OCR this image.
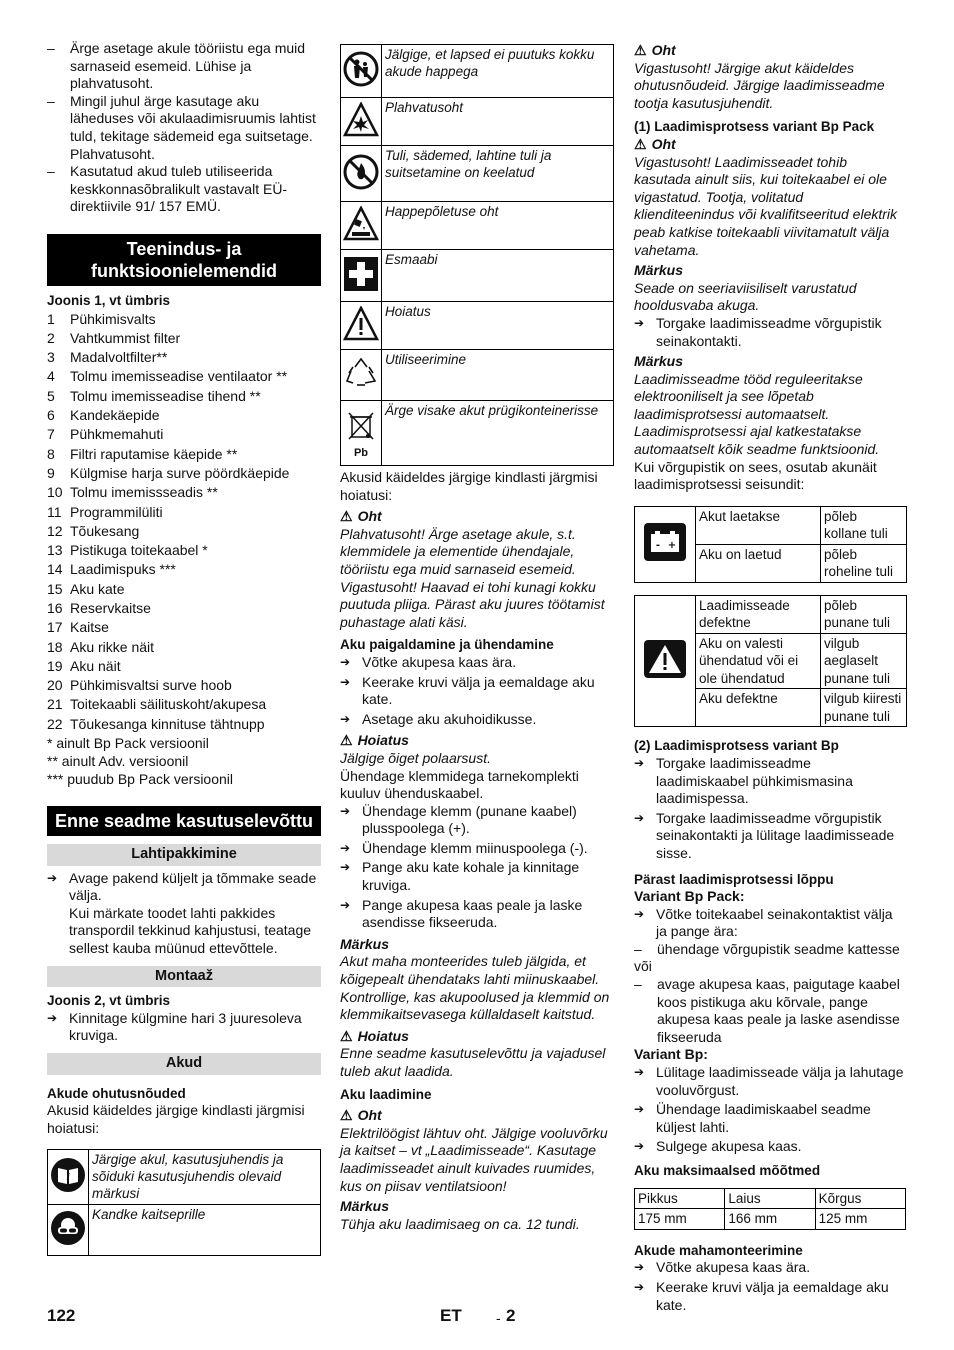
–	Ärge asetage akule tööriistu ega muid sarnaseid esemeid. Lühise ja plahvatusoht.
–	Mingil juhul ärge kasutage aku läheduses või akulaadimisruumis lahtist tuld, tekitage sädemeid ega suitsetage. Plahvatusoht.
–	Kasutatud akud tuleb utiliseerida keskkonnasõbralikult vastavalt EÜ-direktiivile 91/ 157 EMÜ.
Teenindus- ja funktsioonielemendid

Joonis 1, vt ümbris

1	Pühkimisvalts
2	Vahtkummist filter
3	Madalvoltfilter**
4	Tolmu imemisseadise ventilaator **
5	Tolmu imemisseadise tihend **
6	Kandekäepide
7	Pühkmemahuti
8	Filtri raputamise käepide **
9	Külgmise harja surve pöördkäepide
10 Tolmu imemissseadis **
11 Programmilüliti
12 Tõukesang
13 Pistikuga toitekaabel *
14 Laadimispuks ***
15 Aku kate
16 Reservkaitse
17 Kaitse
18 Aku rikke näit
19 Aku näit
20 Pühkimisvaltsi surve hoob
21 Toitekaabli säilituskoht/akupesa
22 Tõukesanga kinnituse tähtnupp

* ainult Bp Pack versioonil

** ainult Adv. versioonil

*** puudub Bp Pack versioonil

Enne seadme kasutuselevõttu
Lahtipakkimine
➔ Avage pakend küljelt ja tõmmake seade välja.

Kui märkate toodet lahti pakkides transpordil tekkinud kahjustusi, teatage sellest kauba müünud ettevõttele.

Montaaž

Joonis 2, vt ümbris

➔ Kinnitage külgmine hari 3 juuresoleva kruviga.
Akud

Akude ohutusnõuded

Akusid käideldes järgige kindlasti järgmisi hoiatusi:

i	Järgige akul, kasutusjuhendis ja sõiduki kasutusjuhendis olevaid märkusi
	Kandke kaitseprille
	Jälgige, et lapsed ei puutuks kokku akude happega
	Plahvatusoht
	Tuli, sädemed, lahtine tuli ja suitsetamine on keelatud
	Happepõletuse oht
	Esmaabi
	Hoiatus
	Utiliseerimine

Pb	Ärge visake akut prügikonteinerisse

Akusid käideldes järgige kindlasti järgmisi hoiatusi:

⚠ Oht

Plahvatusoht! Ärge asetage akule, s.t. klemmidele ja elementide ühendajale, tööriistu ega muid sarnaseid esemeid. Vigastusoht! Haavad ei tohi kunagi kokku puutuda pliiga. Pärast aku juures töötamist puhastage alati käsi.

Aku paigaldamine ja ühendamine

➔ Võtke akupesa kaas ära.
➔ Keerake kruvi välja ja eemaldage aku kate.
➔ Asetage aku akuhoidikusse.
⚠ Hoiatus

Jälgige õiget polaarsust.

Ühendage klemmidega tarnekomplekti kuuluv ühenduskaabel.

➔ Ühendage klemm (punane kaabel) plusspoolega (+).
➔ Ühendage klemm miinuspoolega (-).
➔ Pange aku kate kohale ja kinnitage kruviga.
➔ Pange akupesa kaas peale ja laske asendisse fikseeruda.

Märkus

Akut maha monteerides tuleb jälgida, et kõigepealt ühendataks lahti miinuskaabel. Kontrollige, kas akupoolused ja klemmid on klemmikaitsevasega küllaldaselt kaitstud.

⚠ Hoiatus

Enne seadme kasutuselevõttu ja vajadusel tuleb akut laadida.

Aku laadimine

⚠ Oht

Elektrilöögist lähtuv oht. Jälgige vooluvõrku ja kaitset – vt „Laadimisseade“. Kasutage laadimisseadet ainult kuivades ruumides, kus on piisav ventilatsioon!

Märkus

Tühja aku laadimisaeg on ca. 12 tundi.

⚠ Oht

Vigastusoht! Järgige akut käideldes ohutusnõudeid. Järgige laadimisseadme tootja kasutusjuhendit.

(1) Laadimisprotsess variant Bp Pack

⚠ Oht

Vigastusoht! Laadimisseadet tohib kasutada ainult siis, kui toitekaabel ei ole vigastatud. Tootja, volitatud klienditeenindus või kvalifitseeritud elektrik peab katkise toitekaabli viivitamatult välja vahetama.

Märkus

Seade on seeriaviisiliselt varustatud hooldusvaba akuga.

➔ Torgake laadimisseadme võrgupistik seinakontakti.

Märkus

Laadimisseadme tööd reguleeritakse elektrooniliselt ja see lõpetab laadimisprotsessi automaatselt. Laadimisprotsessi ajal katkestatakse automaatselt kõik seadme funktsioonid.

Kui võrgupistik on sees, osutab akunäit laadimisprotsessi seisundit:

- +	Akut laetakse	põleb kollane tuli
	Aku on laetud	põleb roheline tuli
	Laadimisseade defektne	põleb punane tuli
	Aku on valesti ühendatud või ei ole ühendatud	vilgub aeglaselt punane tuli
	Aku defektne	vilgub kiiresti punane tuli

(2) Laadimisprotsess variant Bp

➔ Torgake laadimisseadme laadimiskaabel pühkimismasina laadimispessa.
➔ Torgake laadimisseadme võrgupistik seinakontakti ja lülitage laadimisseade sisse.

Pärast laadimisprotsessi lõppu

Variant Bp Pack:

➔ Võtke toitekaabel seinakontaktist välja ja pange ära:
–	ühendage võrgupistik seadme kattesse

või

–	avage akupesa kaas, paigutage kaabel koos pistikuga aku kõrvale, pange akupesa kaas peale ja laske asendisse fikseeruda

Variant Bp:

➔ Lülitage laadimisseade välja ja lahutage vooluvõrgust.
➔ Ühendage laadimiskaabel seadme küljest lahti.
➔ Sulgege akupesa kaas.

Aku maksimaalsed mõõtmed

Pikkus	Laius	Kõrgus
175 mm	166 mm	125 mm

Akude mahamonteerimine

➔ Võtke akupesa kaas ära.
➔ Keerake kruvi välja ja eemaldage aku kate.
122	ET - 2
